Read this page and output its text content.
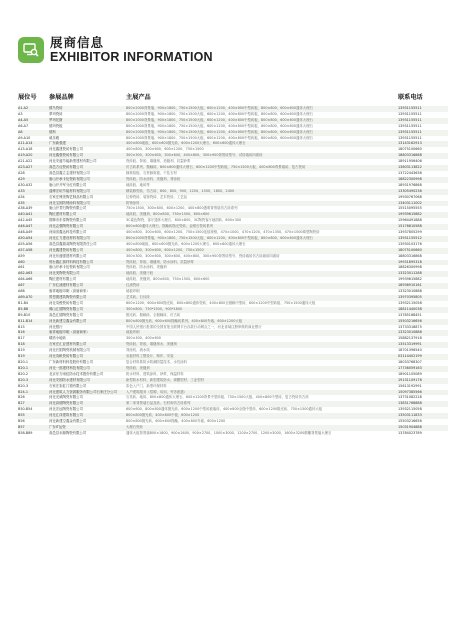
展商信息
EXHIBITOR INFORMATION
展位号 参展品牌	主展产品	联系电话
A1-A2	德马瓷砖	800×2000背景墙、900×1800、750×1500大板、600×1200、400×800中型砖板、800×800、600×600通体大理石	13931155511
A3	萝玛瓷砖	800×2000背景墙、900×1800、750×1500大板、600×1200、400×800中型砖板、800×800、600×600通体大理石	13931155511
A4-A5	罗玛托斯	800×2000背景墙、900×1800、750×1500大板、600×1200、400×800中型砖板、800×800、600×600通体大理石	13931155511
A6-A7	德玛瓷板	800×2000背景墙、900×1800、750×1500大板、600×1200、400×800中型砖板、800×800、600×600通体大理石	13931155511
A8	德科	800×2000背景墙、900×1800、750×1500大板、600×1200、400×800中型砖板、800×800、600×600通体大理石	13931155511
A9-A10	威乐雅	800×2000背景墙、900×1800、750×1500大板、600×1200、400×800中型砖板、800×800、600×600通体大理石	13931155511
A11-A14	广东新强建	400×800地板、600×600抛光砖、600×1200大理石、600×600通体大理石	13143162913
A15-A18	河北鑫建瓷砖有限公司	400×800、300×600、600×1200、750×1500	18075100660
A19-A20	河北鑫强瓷砖有限公司	300×300、300×600、300×600、400×800、300×900背景砖型号、试砖墙砖四面砖	18803316868
A21-A22	河北安盛节能新型建材有限公司	瓷砖胶、背胶、填缝剂、美缝剂、抗裂砂浆	18911956406
A23-A27	高邑方迈瓷砖有限公司	仿古砖系列、抛釉砖、800×800通体大理石、600×1200中型砖板、750×1500大板、400×800背景墙砖、复古瓷砖	13603113822
A28	高邑县鑫立志建材有限公司	蜂窝铝板、石材蜂窝板、干挂石材	13722443636
A29	唐山开承卡伦瓷砖有限公司	瓷砖胶、防水涂料、美缝剂、背涂胶	18822300998
A30-A32	唐山开开军分红有限公司	地砖胶、地砖等	18931976868
A33	淄博宏坦节能材料有限公司	精装修瓷砖、仿古砖、600、800、900、1200、1500、1800、2400	13305490236
A34	石家庄博美陶艺制品有限公司	拉伸瓷砖、装饰瓷砖、艺术瓷砖、工艺品	19930767068
A35	河北宝固防锈涂料有限公司	防锈涂料	13403111002
A36-A39	唐山开君归陶瓷有限公司	750×1500、300×800、600×1200、400×800透明背景墙仿古砖系列	15515095555
A40-A41	陶匠建材有限公司	地砖胶、美缝剂、800×800、750×1500、600×600	19939615882
A42-A45	邯郸市东泰陶瓷有限公司	3C素色陶瓷、客厅通体大理石、800×800、3C陶瓷客厅地面砖、600×300	15964491888
A46-A47	河北志强陶瓷有限公司	800×800通体大理石、抛釉砖抛光瓷砖、金刚石瓷砖系列	15176810588
A48-A49	河南省鑫达科技有限公司	400×800、300×600、600×1200、750×1500连续规格、470×1000、470×1200、470×1350、470×1500薄型陶瓷砖	13937805299
A50-A54	河北汇力建设材料有限公司	800×2000背景墙、900×1800、750×1500大板、600×1200、400×800中型砖板、800×800、600×600通体大理石	13931155512
A55-A56	高邑县鑫瑞高陶瓷有限责任公司	400×800地板、600×600抛光砖、600×1200大理石、600×600通体大理石	13930103176
A57-A58	河北鑫建瓷砖有限公司	400×800、300×600、600×1200、750×1500	18075100660
A59	河北东盛强建材有限公司	300×300、300×600、300×600、400×800、300×900背景砖型号、瓷砖墙砖仿古砖墙砖四面砖	18803316868
A60	邢台鑫汇源材料科技有限公司	瓷砖胶、背胶、填缝剂、防水涂料、抗裂砂浆	19931895318
A61	唐山开承卡伦瓷砖有限公司	瓷砖胶、防水涂料、美缝剂	18826300998
A62-A63	河北美陶瓷有限公司	地砖胶、美缝干胶	13323011288
A64-A66	陶匠建材有限公司	地砖胶、美缝剂、800×800、750×1500、600×600	19939615882
A67	广东红浦建材有限公司	红浦瓷砖	18936910161
A68	唐祥地板印刷（高唐商家）	地板印刷	13323010888
A69-A70	景恩德建筑陶瓷有限公司	艺术砖、石纹砖	13970395805
B1-B4	河北岚俊瓷砖有限公司	600×1200、600×600抛光砖、800×800通体瓷砖、400×800全抛釉中型砖、600×1200中型砖板、750×1500通体大板	13932115058
B5-B8	佛山汇德陶瓷有限公司	300×800、750*1500、900*1800	18811440038
B9-B10	高邑汇德陶瓷有限公司	抛光砖、抛釉砖、全抛釉砖、仿古砖	13785168451
B11-B14	河北新建空鑫金有限公司	800×800抛光砖、600×600抛釉砖系列、400×800外墙、600×1200大板	15503216656
B15	河北银行	中国人民银行批准的全国首批互联网平台存款行动网点之一，河北省域注册审核的商业银行	13733318875
B16	唐祥地板印刷（高唐商家）	地板印刷	13323010888
B17	晴洛小地砖	300×300、400×600	15882137918
B18	石家庄汇亚建材有限公司	瓷砖胶、背胶、填缝剂水、美缝剂	13513319991
B19	河北长阳陶瓷机械有限公司	背涂机、流水线	18701396540
B19	河北岚帆瓷砖有限公司	岩板材料工整设计、制作、安装	03114402199
B20-1	广东新材料科技股份有限公司	复合材料系防水防潮防裂技术、水性涂料	18033768307
B20-1	河北一郎建材科技有限公司	瓷砖胶、美缝剂	17736059163
B20-2	北京东方雨虹防水技术股份有限公司	防水材料、建筑涂料、砂浆、保温材料	18901105089
B20-3	河北安固防水建材有限公司	新型防水材料、新型建筑防水、薄膜型材、工业型材	19131109178
B20-3	石家庄彩虹门窗有限公司	彩色入户门、新型环保材料	15613192991
B24-1	河北建筑人力资源服务有限公司石家庄分公司	入户建筑服务（招聘、培训、劳务派遣）	15097385566
B26	河北光威陶瓷有限公司	石英砖、地砖、800×800通体大理石、600×1200背景中型砖板、750×1500大板、400×800中型砖、复古瓷砖仿古砖	13731082228
B27	河北高德陶瓷有限公司	第二家背景墙石品及砖、石材和仿古砖系列	13831768888
B50-B54	河北宏远陶瓷有限公司	600×600、800×800通体抛光砖、600×1200中型砖板墙砖、400×800全抛中型砖、600×1200抛光砖、750×1500通体大板	13932115058
B55	河北汇泽建筑有限公司	800×800抛光砖、400×800中板、600×1200	13503111833
B56	河北新建空鑫金有限公司	800×800抛光砖、600×600抛釉、400×800外墙、600×1200	15503216656
B57	广东IT运瓷	大理石瓷砖	15031904888
B58-B89	高邑县永顺陶瓷有限公司	通体大板背景墙800×1800、900×2600、900×2700、1000×3000、1200×2700、1200×3000、1600×3200精雕背景墙大理石	13784023789
